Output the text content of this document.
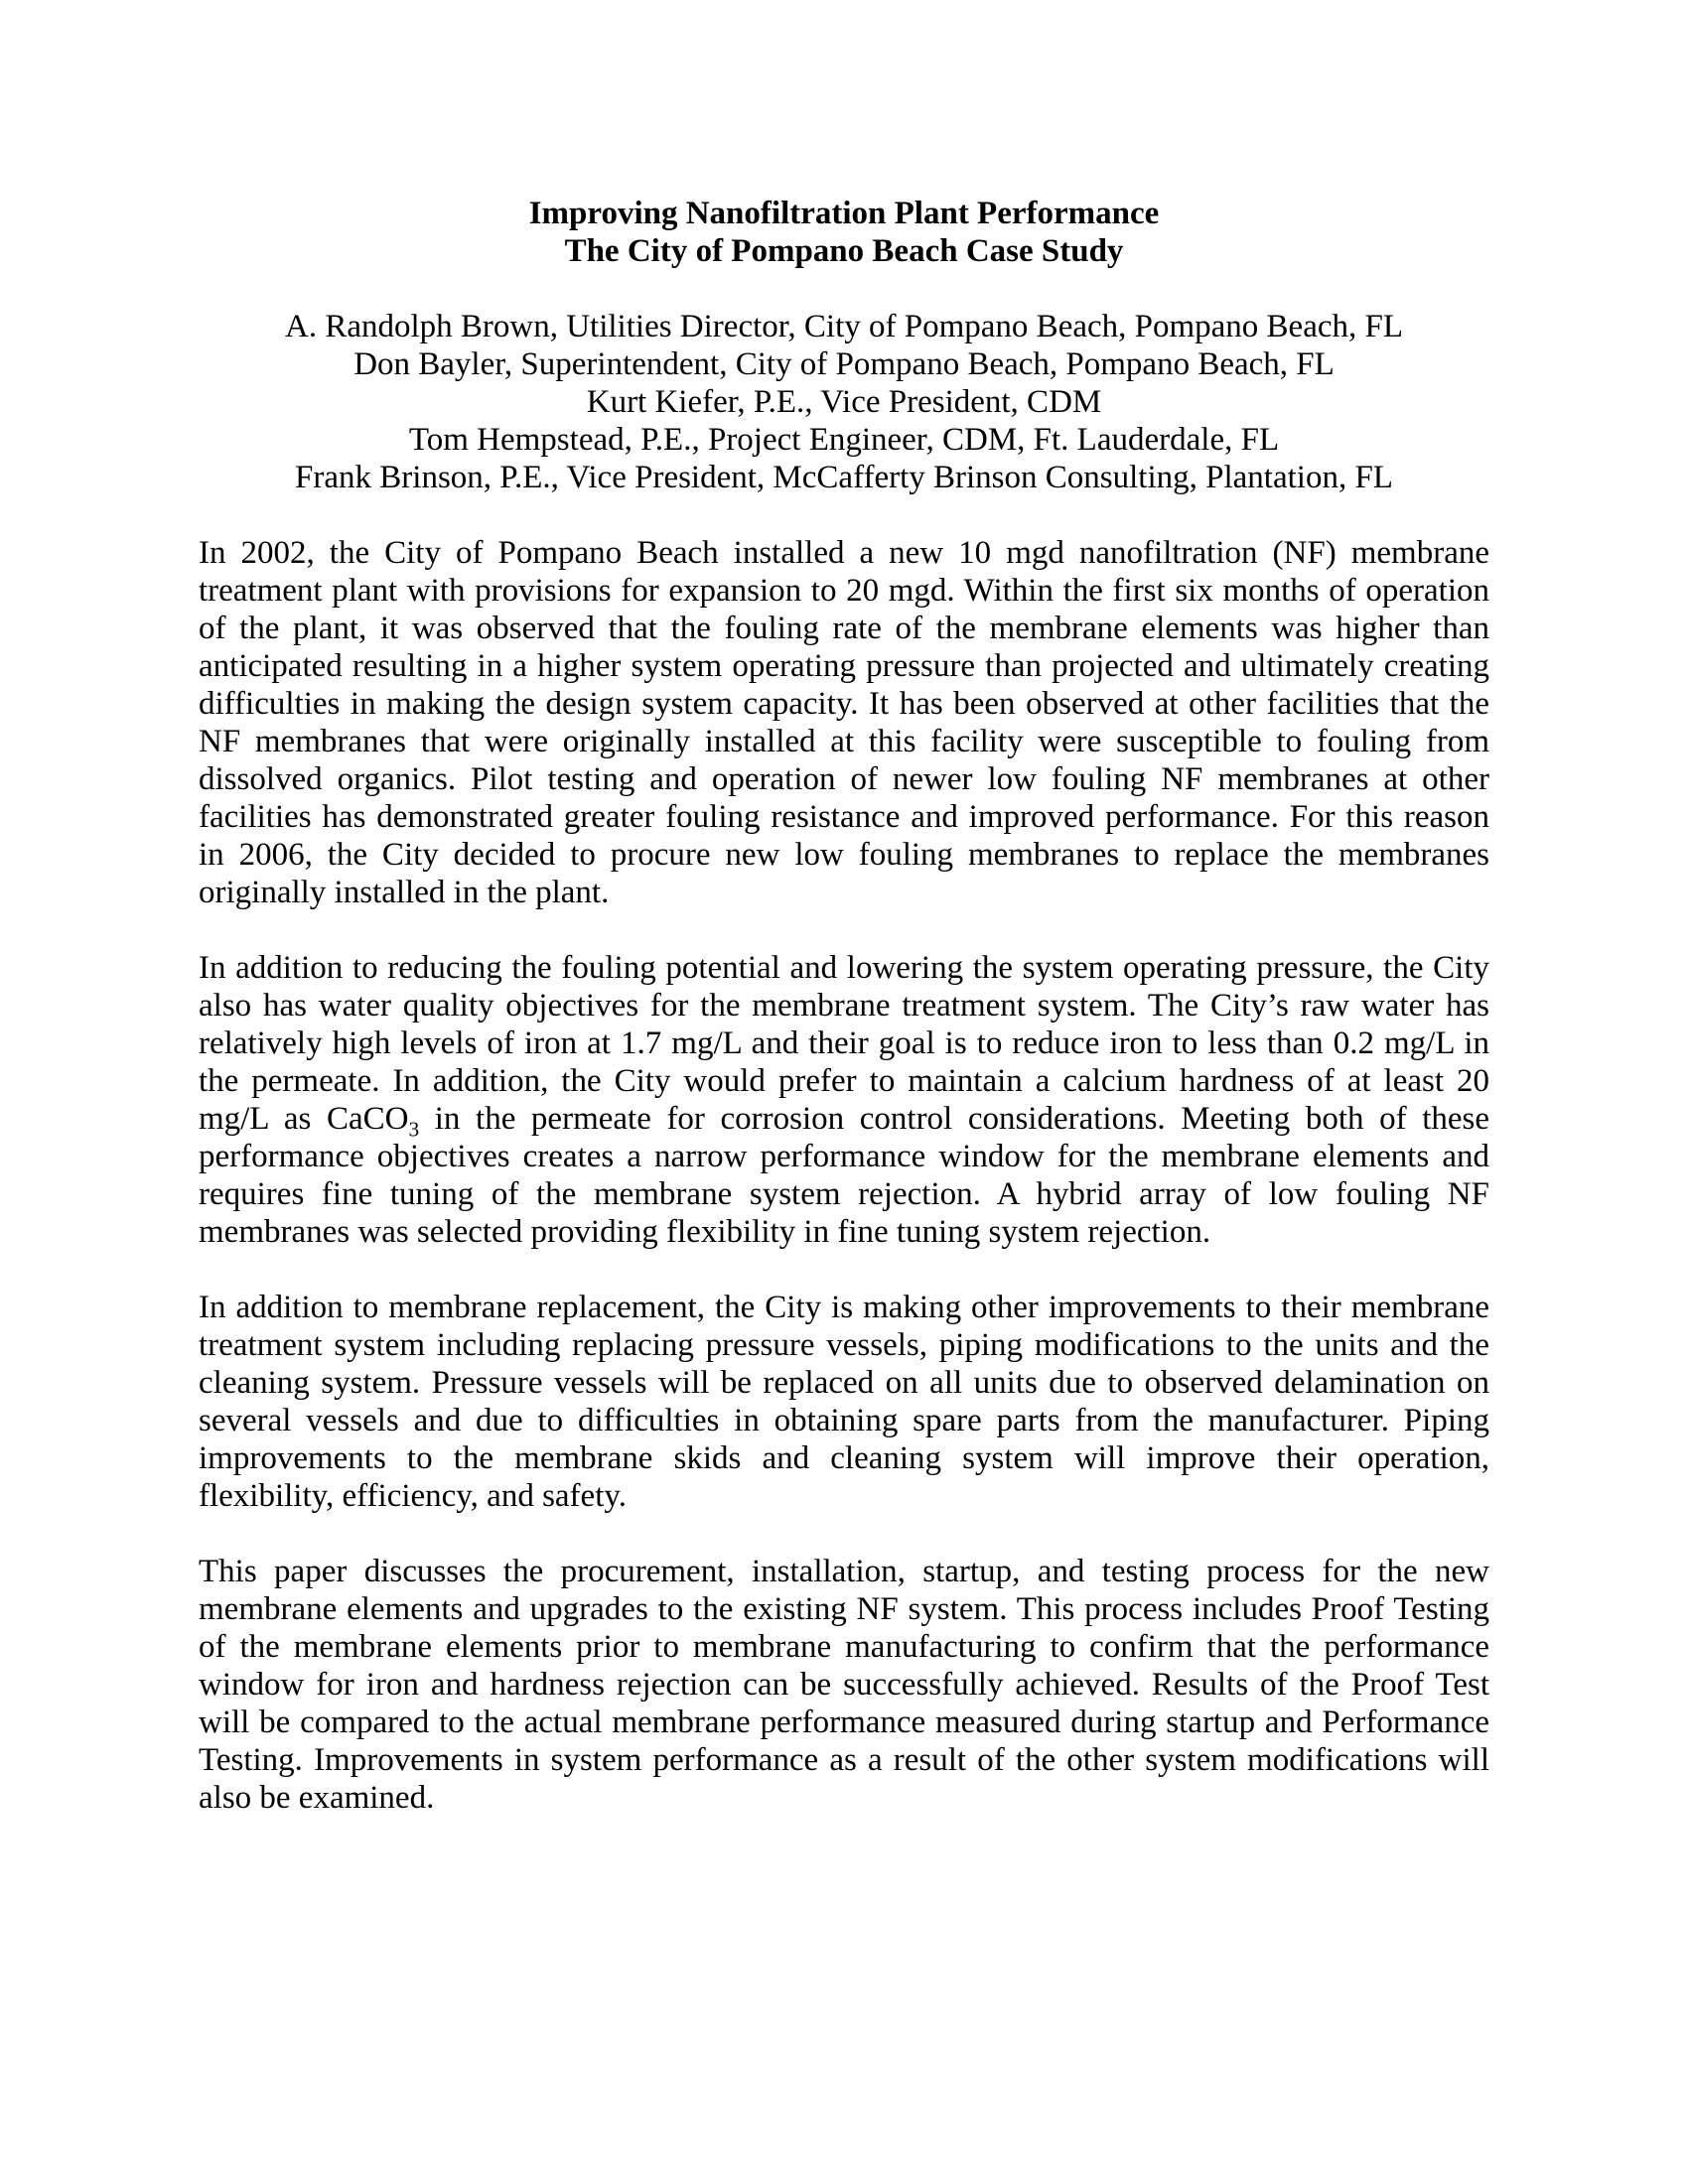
Improving Nanofiltration Plant Performance
The City of Pompano Beach Case Study
A. Randolph Brown, Utilities Director, City of Pompano Beach, Pompano Beach, FL
Don Bayler, Superintendent, City of Pompano Beach, Pompano Beach, FL
Kurt Kiefer, P.E., Vice President, CDM
Tom Hempstead, P.E., Project Engineer, CDM, Ft. Lauderdale, FL
Frank Brinson, P.E., Vice President, McCafferty Brinson Consulting, Plantation, FL

In 2002, the City of Pompano Beach installed a new 10 mgd nanofiltration (NF) membrane treatment plant with provisions for expansion to 20 mgd. Within the first six months of operation of the plant, it was observed that the fouling rate of the membrane elements was higher than anticipated resulting in a higher system operating pressure than projected and ultimately creating difficulties in making the design system capacity. It has been observed at other facilities that the NF membranes that were originally installed at this facility were susceptible to fouling from dissolved organics. Pilot testing and operation of newer low fouling NF membranes at other facilities has demonstrated greater fouling resistance and improved performance. For this reason in 2006, the City decided to procure new low fouling membranes to replace the membranes originally installed in the plant.

In addition to reducing the fouling potential and lowering the system operating pressure, the City also has water quality objectives for the membrane treatment system. The City’s raw water has relatively high levels of iron at 1.7 mg/L and their goal is to reduce iron to less than 0.2 mg/L in the permeate. In addition, the City would prefer to maintain a calcium hardness of at least 20 mg/L as CaCO$_3$ in the permeate for corrosion control considerations. Meeting both of these performance objectives creates a narrow performance window for the membrane elements and requires fine tuning of the membrane system rejection. A hybrid array of low fouling NF membranes was selected providing flexibility in fine tuning system rejection.

In addition to membrane replacement, the City is making other improvements to their membrane treatment system including replacing pressure vessels, piping modifications to the units and the cleaning system. Pressure vessels will be replaced on all units due to observed delamination on several vessels and due to difficulties in obtaining spare parts from the manufacturer. Piping improvements to the membrane skids and cleaning system will improve their operation, flexibility, efficiency, and safety.

This paper discusses the procurement, installation, startup, and testing process for the new membrane elements and upgrades to the existing NF system. This process includes Proof Testing of the membrane elements prior to membrane manufacturing to confirm that the performance window for iron and hardness rejection can be successfully achieved. Results of the Proof Test will be compared to the actual membrane performance measured during startup and Performance Testing. Improvements in system performance as a result of the other system modifications will also be examined.
